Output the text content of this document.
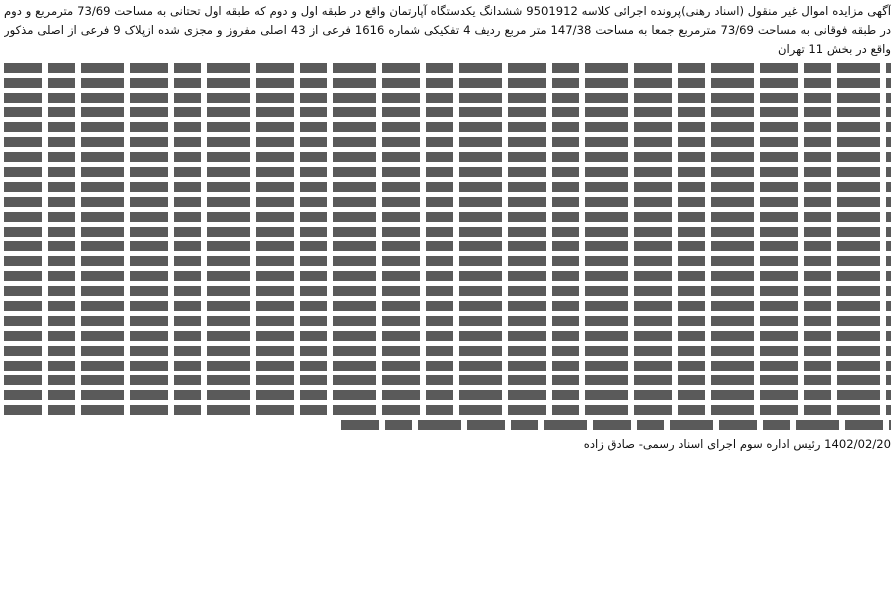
آگهی مزایده اموال غیر منقول (اسناد رهنی)پرونده اجرائی کلاسه 9501912 ششدانگ یکدستگاه آپارتمان واقع در طبقه اول و دوم که طبقه اول تحتانی به مساحت 73/69 مترمربع و دوم در طبقه فوقانی به مساحت 73/69 مترمربع جمعا به مساحت 147/38 متر مربع ردیف 4 تفکیکی شماره 1616 فرعی از 43 اصلی مفروز و مجزی شده ازپلاک 9 فرعی از اصلی مذکور واقع در بخش 11 تهران
1402/02/20 رئیس اداره سوم اجرای اسناد رسمی- صادق زاده
